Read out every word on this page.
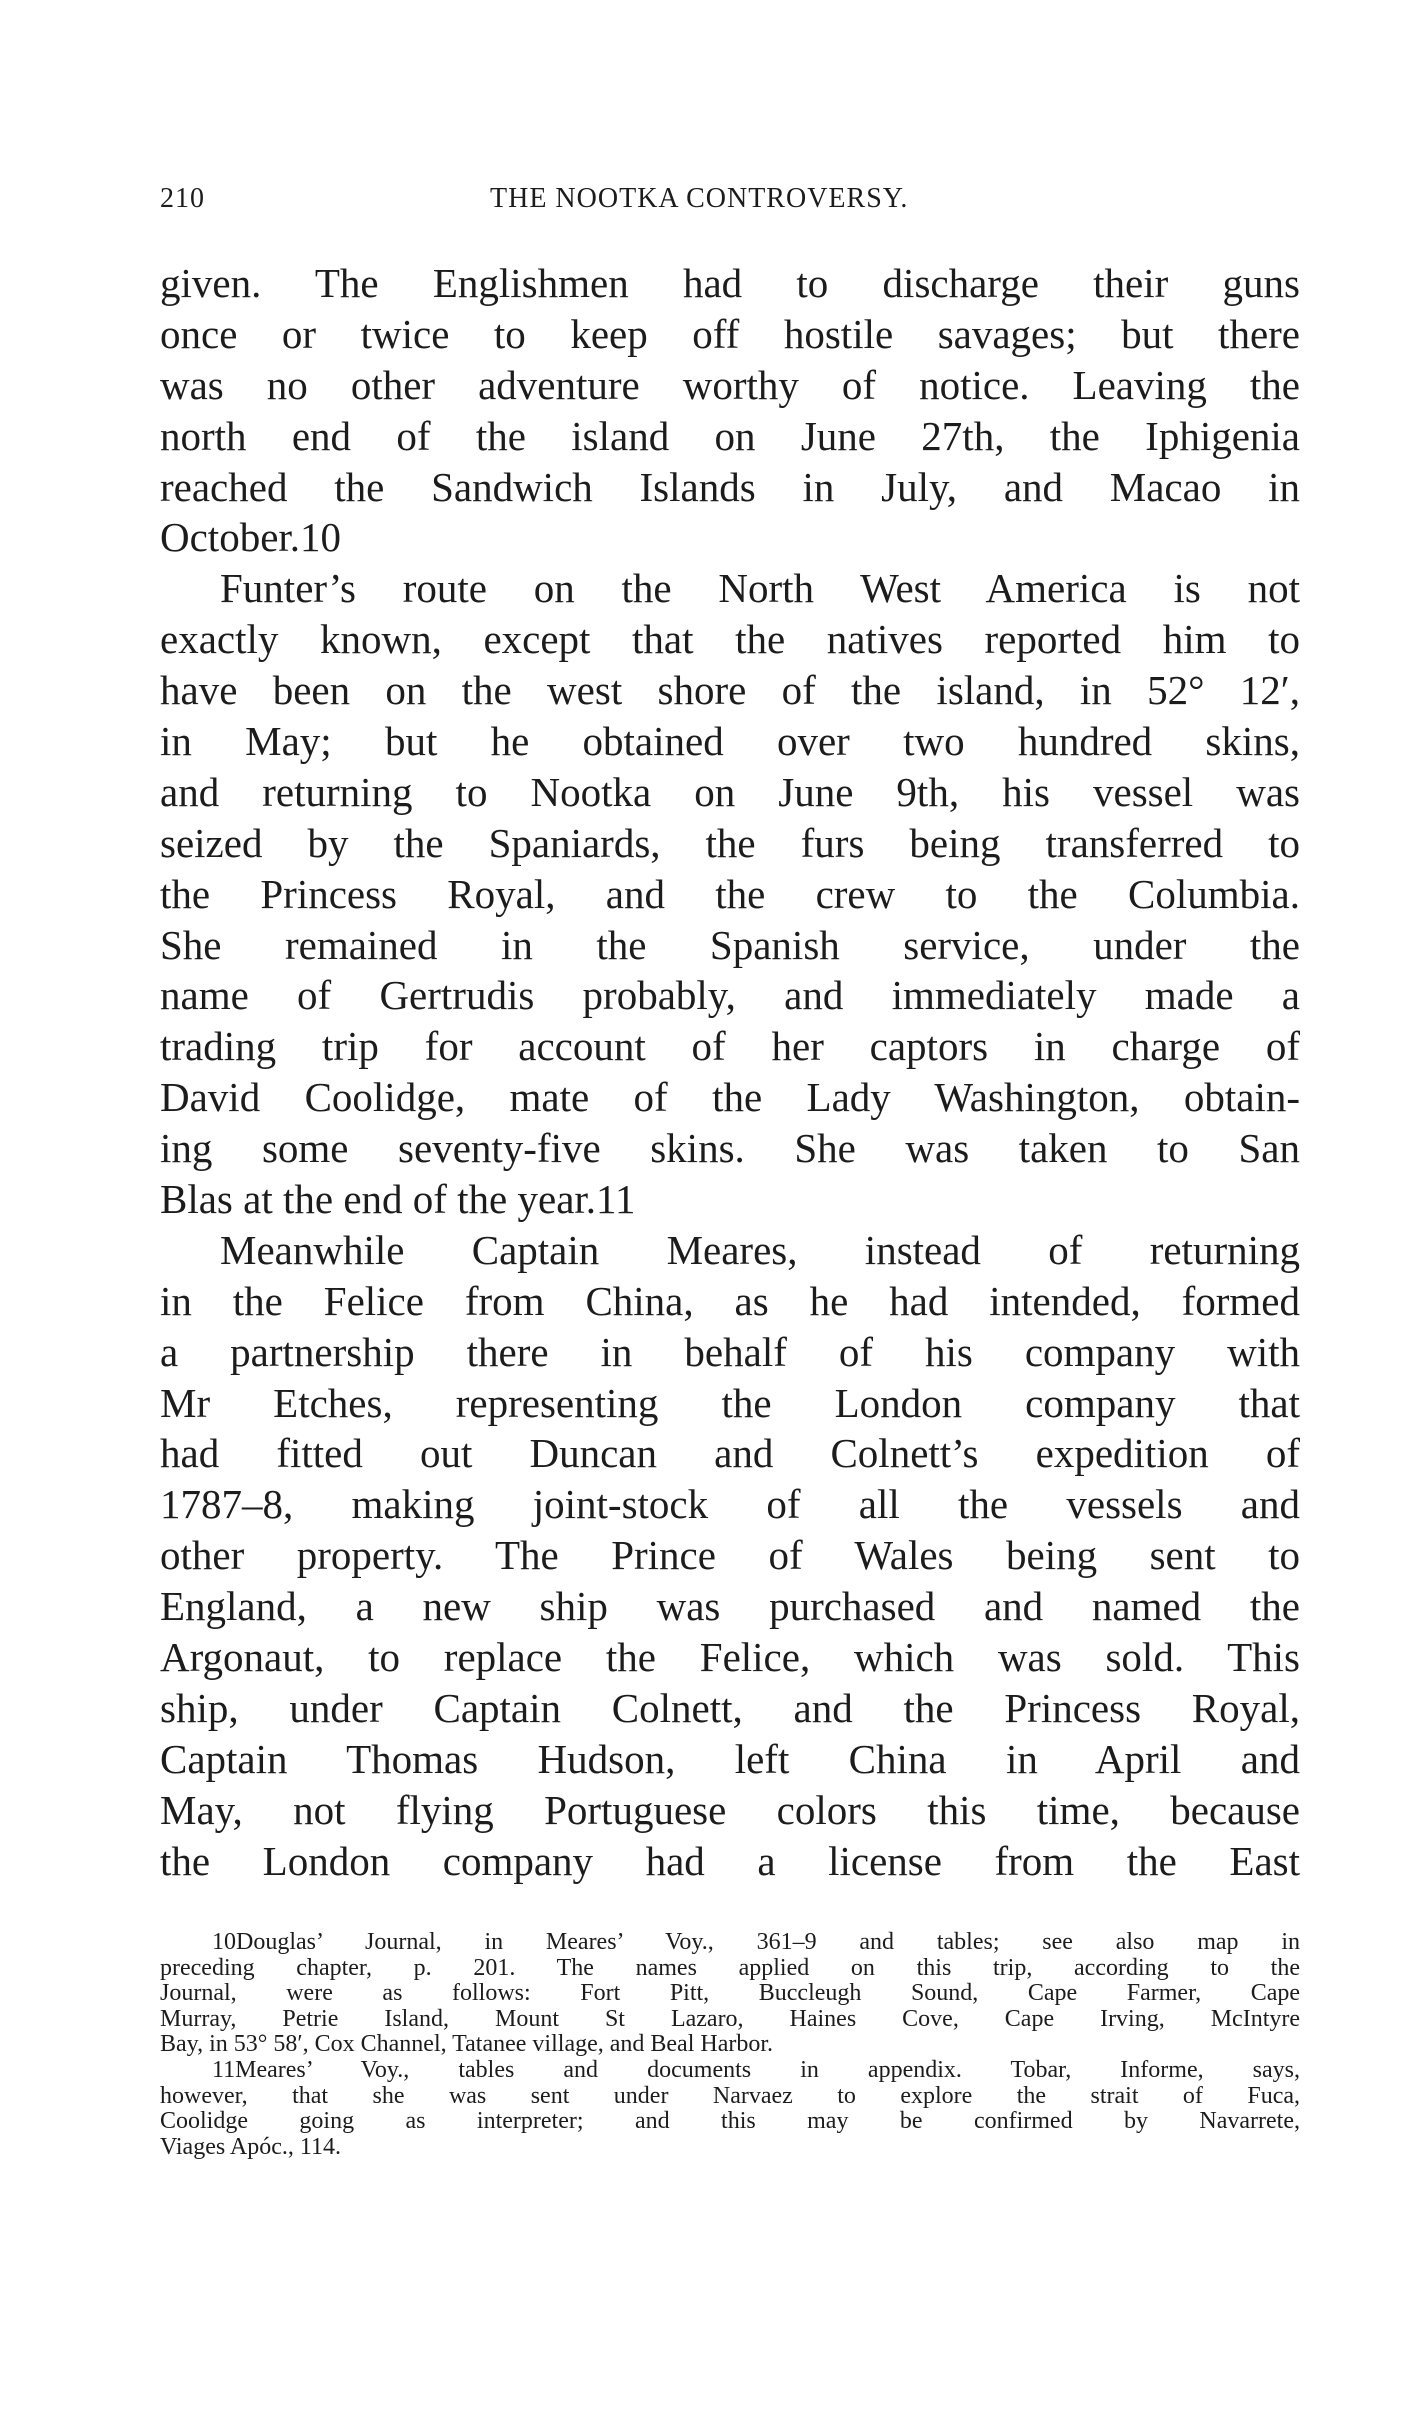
210	THE NOOTKA CONTROVERSY.
given. The Englishmen had to discharge their guns
once or twice to keep off hostile savages; but there
was no other adventure worthy of notice. Leaving the
north end of the island on June 27th, the Iphigenia
reached the Sandwich Islands in July, and Macao in
October.10
Funter’s route on the North West America is not
exactly known, except that the natives reported him to
have been on the west shore of the island, in 52° 12′,
in May; but he obtained over two hundred skins,
and returning to Nootka on June 9th, his vessel was
seized by the Spaniards, the furs being transferred to
the Princess Royal, and the crew to the Columbia.
She remained in the Spanish service, under the
name of Gertrudis probably, and immediately made a
trading trip for account of her captors in charge of
David Coolidge, mate of the Lady Washington, obtain-
ing some seventy-five skins. She was taken to San
Blas at the end of the year.11
Meanwhile Captain Meares, instead of returning
in the Felice from China, as he had intended, formed
a partnership there in behalf of his company with
Mr Etches, representing the London company that
had fitted out Duncan and Colnett’s expedition of
1787–8, making joint-stock of all the vessels and
other property. The Prince of Wales being sent to
England, a new ship was purchased and named the
Argonaut, to replace the Felice, which was sold. This
ship, under Captain Colnett, and the Princess Royal,
Captain Thomas Hudson, left China in April and
May, not flying Portuguese colors this time, because
the London company had a license from the East
10Douglas’ Journal, in Meares’ Voy., 361–9 and tables; see also map in
preceding chapter, p. 201. The names applied on this trip, according to the
Journal, were as follows: Fort Pitt, Buccleugh Sound, Cape Farmer, Cape
Murray, Petrie Island, Mount St Lazaro, Haines Cove, Cape Irving, McIntyre
Bay, in 53° 58′, Cox Channel, Tatanee village, and Beal Harbor.
11Meares’ Voy., tables and documents in appendix. Tobar, Informe, says,
however, that she was sent under Narvaez to explore the strait of Fuca,
Coolidge going as interpreter; and this may be confirmed by Navarrete,
Viages Apóc., 114.
